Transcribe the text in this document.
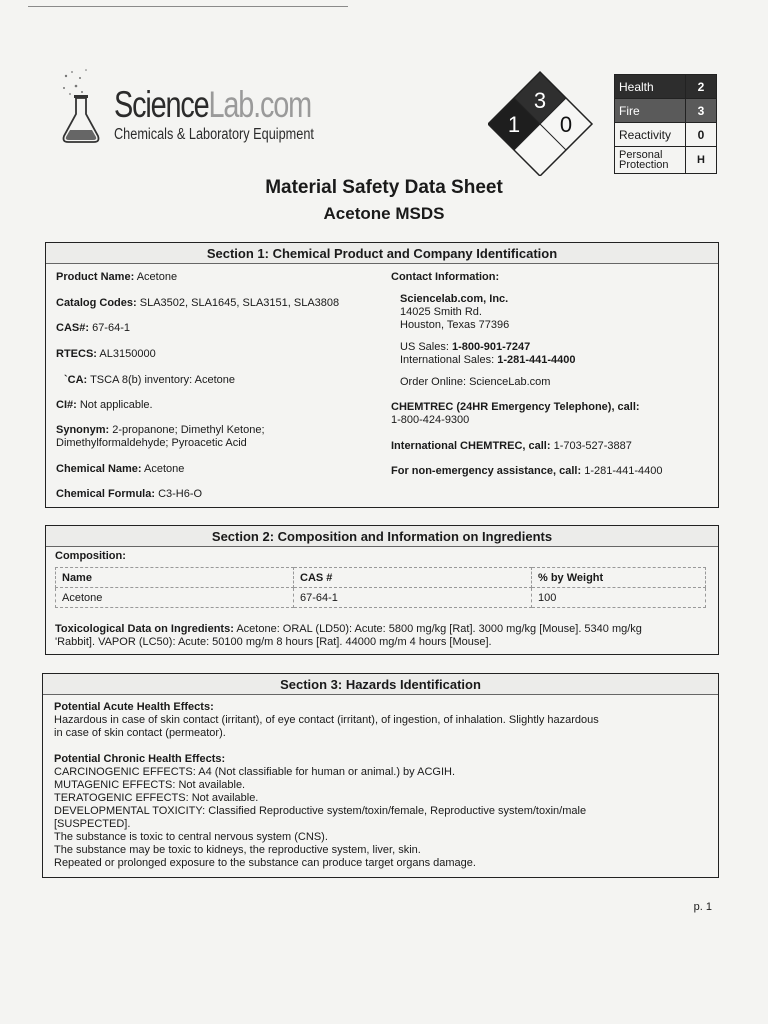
ScienceLab.com
Chemicals & Laboratory Equipment
3
1 0
Health	2
Fire	3
Reactivity	0
Personal
Protection	H
Material Safety Data Sheet
Acetone MSDS
Section 1: Chemical Product and Company Identification
Product Name: Acetone
Catalog Codes: SLA3502, SLA1645, SLA3151, SLA3808
CAS#: 67-64-1
RTECS: AL3150000
`CA: TSCA 8(b) inventory: Acetone
CI#: Not applicable.
Synonym: 2-propanone; Dimethyl Ketone;
Dimethylformaldehyde; Pyroacetic Acid
Chemical Name: Acetone
Chemical Formula: C3-H6-O
Contact Information:
Sciencelab.com, Inc.
14025 Smith Rd.
Houston, Texas 77396
US Sales: 1-800-901-7247
International Sales: 1-281-441-4400
Order Online: ScienceLab.com
CHEMTREC (24HR Emergency Telephone), call:
1-800-424-9300
International CHEMTREC, call: 1-703-527-3887
For non-emergency assistance, call: 1-281-441-4400
Section 2: Composition and Information on Ingredients
Composition:
Name	CAS #	% by Weight
Acetone	67-64-1	100
Toxicological Data on Ingredients: Acetone: ORAL (LD50): Acute: 5800 mg/kg [Rat]. 3000 mg/kg [Mouse]. 5340 mg/kg
'Rabbit]. VAPOR (LC50): Acute: 50100 mg/m 8 hours [Rat]. 44000 mg/m 4 hours [Mouse].
Section 3: Hazards Identification
Potential Acute Health Effects:
Hazardous in case of skin contact (irritant), of eye contact (irritant), of ingestion, of inhalation. Slightly hazardous
in case of skin contact (permeator).
Potential Chronic Health Effects:
CARCINOGENIC EFFECTS: A4 (Not classifiable for human or animal.) by ACGIH.
MUTAGENIC EFFECTS: Not available.
TERATOGENIC EFFECTS: Not available.
DEVELOPMENTAL TOXICITY: Classified Reproductive system/toxin/female, Reproductive system/toxin/male
[SUSPECTED].
The substance is toxic to central nervous system (CNS).
The substance may be toxic to kidneys, the reproductive system, liver, skin.
Repeated or prolonged exposure to the substance can produce target organs damage.
p. 1
